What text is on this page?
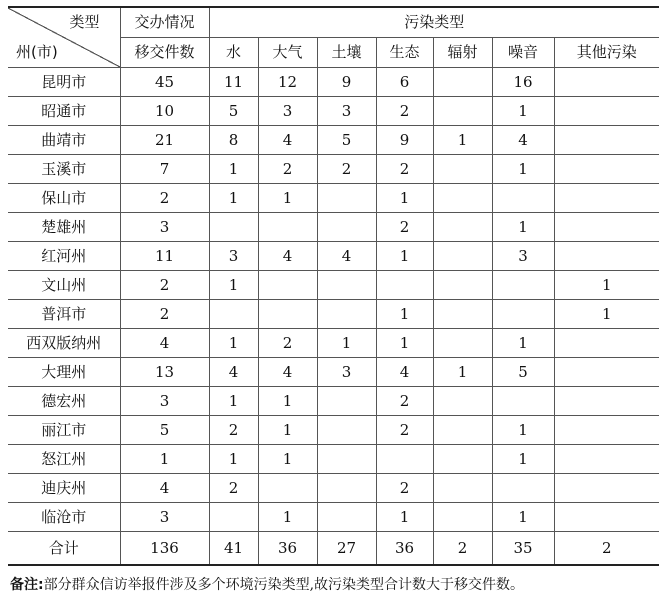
类型
州(市)	交办情况	污染类型						
	移交件数	水	大气	土壤	生态	辐射	噪音	其他污染
昆明市	45	11	12	9	6		16	
昭通市	10	5	3	3	2		1	
曲靖市	21	8	4	5	9	1	4	
玉溪市	7	1	2	2	2		1	
保山市	2	1	1		1			
楚雄州	3				2		1	
红河州	11	3	4	4	1		3	
文山州	2	1						1
普洱市	2				1			1
西双版纳州	4	1	2	1	1		1	
大理州	13	4	4	3	4	1	5	
德宏州	3	1	1		2			
丽江市	5	2	1		2		1	
怒江州	1	1	1				1	
迪庆州	4	2			2			
临沧市	3		1		1		1	
合计	136	41	36	27	36	2	35	2
备注:部分群众信访举报件涉及多个环境污染类型,故污染类型合计数大于移交件数。
